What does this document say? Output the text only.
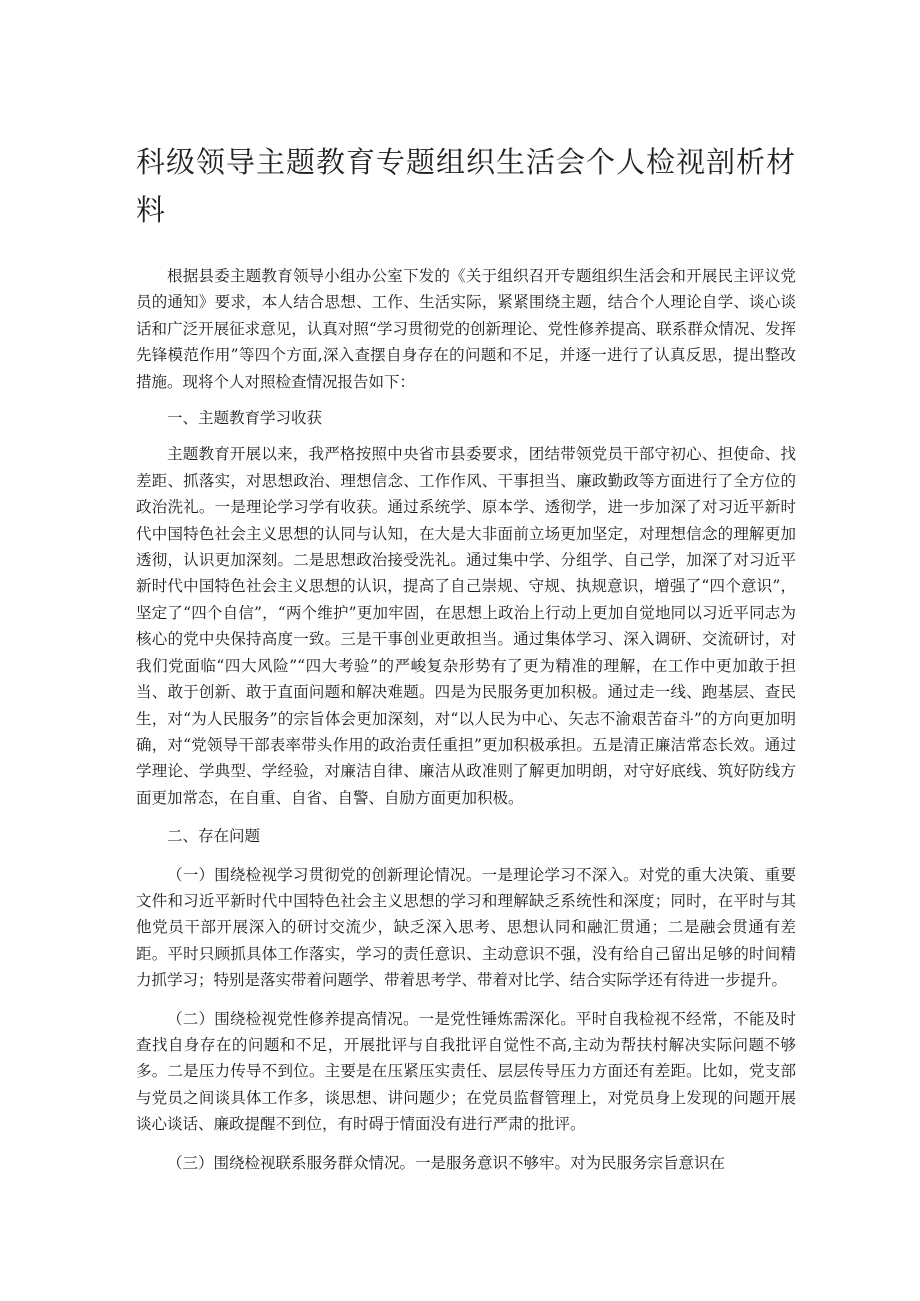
科级领导主题教育专题组织生活会个人检视剖析材料

根据县委主题教育领导小组办公室下发的《关于组织召开专题组织生活会和开展民主评议党员的通知》要求，本人结合思想、工作、生活实际，紧紧围绕主题，结合个人理论自学、谈心谈话和广泛开展征求意见，认真对照“学习贯彻党的创新理论、党性修养提高、联系群众情况、发挥先锋模范作用”等四个方面,深入查摆自身存在的问题和不足，并逐一进行了认真反思，提出整改措施。现将个人对照检查情况报告如下：

一、主题教育学习收获

主题教育开展以来，我严格按照中央省市县委要求，团结带领党员干部守初心、担使命、找差距、抓落实，对思想政治、理想信念、工作作风、干事担当、廉政勤政等方面进行了全方位的政治洗礼。一是理论学习学有收获。通过系统学、原本学、透彻学，进一步加深了对习近平新时代中国特色社会主义思想的认同与认知，在大是大非面前立场更加坚定，对理想信念的理解更加透彻，认识更加深刻。二是思想政治接受洗礼。通过集中学、分组学、自己学，加深了对习近平新时代中国特色社会主义思想的认识，提高了自己崇规、守规、执规意识，增强了“四个意识”，坚定了“四个自信”，“两个维护”更加牢固，在思想上政治上行动上更加自觉地同以习近平同志为核心的党中央保持高度一致。三是干事创业更敢担当。通过集体学习、深入调研、交流研讨，对我们党面临“四大风险”“四大考验”的严峻复杂形势有了更为精准的理解，在工作中更加敢于担当、敢于创新、敢于直面问题和解决难题。四是为民服务更加积极。通过走一线、跑基层、查民生，对“为人民服务”的宗旨体会更加深刻，对“以人民为中心、矢志不渝艰苦奋斗”的方向更加明确，对“党领导干部表率带头作用的政治责任重担”更加积极承担。五是清正廉洁常态长效。通过学理论、学典型、学经验，对廉洁自律、廉洁从政准则了解更加明朗，对守好底线、筑好防线方面更加常态，在自重、自省、自警、自励方面更加积极。

二、存在问题

（一）围绕检视学习贯彻党的创新理论情况。一是理论学习不深入。对党的重大决策、重要文件和习近平新时代中国特色社会主义思想的学习和理解缺乏系统性和深度；同时，在平时与其他党员干部开展深入的研讨交流少，缺乏深入思考、思想认同和融汇贯通；二是融会贯通有差距。平时只顾抓具体工作落实，学习的责任意识、主动意识不强，没有给自己留出足够的时间精力抓学习；特别是落实带着问题学、带着思考学、带着对比学、结合实际学还有待进一步提升。

（二）围绕检视党性修养提高情况。一是党性锤炼需深化。平时自我检视不经常，不能及时查找自身存在的问题和不足，开展批评与自我批评自觉性不高,主动为帮扶村解决实际问题不够多。二是压力传导不到位。主要是在压紧压实责任、层层传导压力方面还有差距。比如，党支部与党员之间谈具体工作多，谈思想、讲问题少；在党员监督管理上，对党员身上发现的问题开展谈心谈话、廉政提醒不到位，有时碍于情面没有进行严肃的批评。

（三）围绕检视联系服务群众情况。一是服务意识不够牢。对为民服务宗旨意识在
